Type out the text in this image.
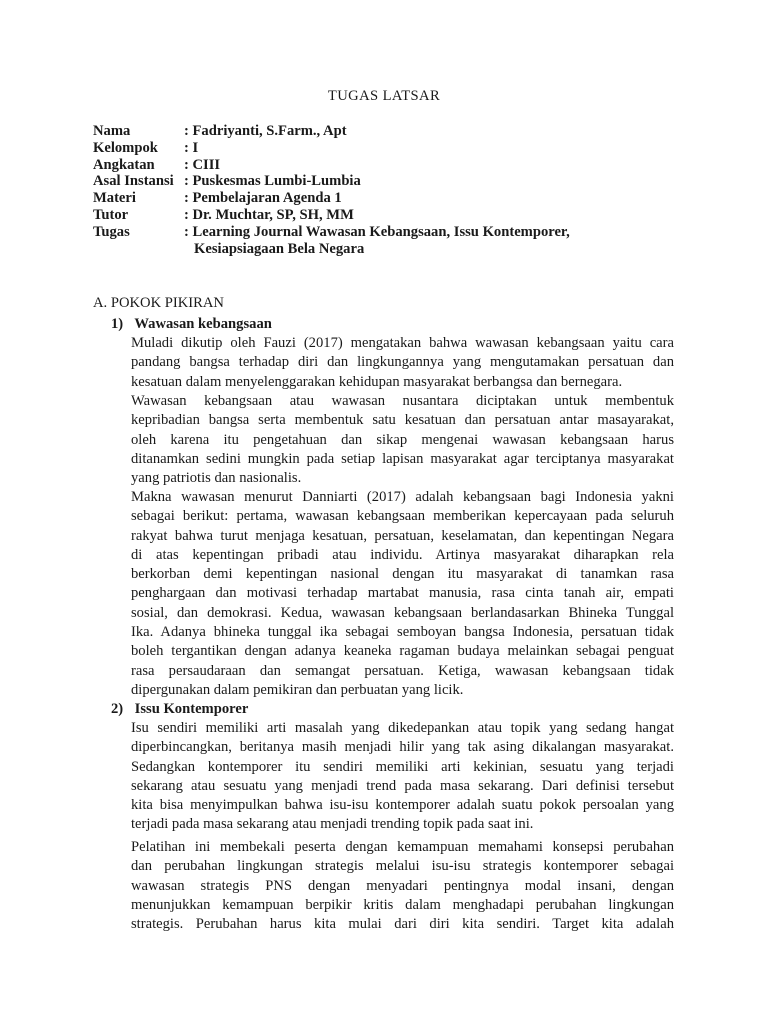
TUGAS LATSAR
Nama	: Fadriyanti, S.Farm., Apt
Kelompok : I
Angkatan : CIII
Asal Instansi : Puskesmas Lumbi-Lumbia
Materi	: Pembelajaran Agenda 1
Tutor	: Dr. Muchtar, SP, SH, MM
Tugas	: Learning Journal Wawasan Kebangsaan, Issu Kontemporer,
Kesiapsiagaan Bela Negara
A. POKOK PIKIRAN
1) Wawasan kebangsaan
Muladi dikutip oleh Fauzi (2017) mengatakan bahwa wawasan kebangsaan yaitu cara
pandang bangsa terhadap diri dan lingkungannya yang mengutamakan persatuan dan
kesatuan dalam menyelenggarakan kehidupan masyarakat berbangsa dan bernegara.
Wawasan kebangsaan atau wawasan nusantara diciptakan untuk membentuk
kepribadian bangsa serta membentuk satu kesatuan dan persatuan antar masayarakat,
oleh karena itu pengetahuan dan sikap mengenai wawasan kebangsaan harus
ditanamkan sedini mungkin pada setiap lapisan masyarakat agar terciptanya masyarakat
yang patriotis dan nasionalis.
Makna wawasan menurut Danniarti (2017) adalah kebangsaan bagi Indonesia yakni
sebagai berikut: pertama, wawasan kebangsaan memberikan kepercayaan pada seluruh
rakyat bahwa turut menjaga kesatuan, persatuan, keselamatan, dan kepentingan Negara
di atas kepentingan pribadi atau individu. Artinya masyarakat diharapkan rela
berkorban demi kepentingan nasional dengan itu masyarakat di tanamkan rasa
penghargaan dan motivasi terhadap martabat manusia, rasa cinta tanah air, empati
sosial, dan demokrasi. Kedua, wawasan kebangsaan berlandasarkan Bhineka Tunggal
Ika. Adanya bhineka tunggal ika sebagai semboyan bangsa Indonesia, persatuan tidak
boleh tergantikan dengan adanya keaneka ragaman budaya melainkan sebagai penguat
rasa persaudaraan dan semangat persatuan. Ketiga, wawasan kebangsaan tidak
dipergunakan dalam pemikiran dan perbuatan yang licik.
2) Issu Kontemporer
Isu sendiri memiliki arti masalah yang dikedepankan atau topik yang sedang hangat
diperbincangkan, beritanya masih menjadi hilir yang tak asing dikalangan masyarakat.
Sedangkan kontemporer itu sendiri memiliki arti kekinian, sesuatu yang terjadi
sekarang atau sesuatu yang menjadi trend pada masa sekarang. Dari definisi tersebut
kita bisa menyimpulkan bahwa isu-isu kontemporer adalah suatu pokok persoalan yang
terjadi pada masa sekarang atau menjadi trending topik pada saat ini.
Pelatihan ini membekali peserta dengan kemampuan memahami konsepsi perubahan
dan perubahan lingkungan strategis melalui isu-isu strategis kontemporer sebagai
wawasan strategis PNS dengan menyadari pentingnya modal insani, dengan
menunjukkan kemampuan berpikir kritis dalam menghadapi perubahan lingkungan
strategis. Perubahan harus kita mulai dari diri kita sendiri. Target kita adalah
